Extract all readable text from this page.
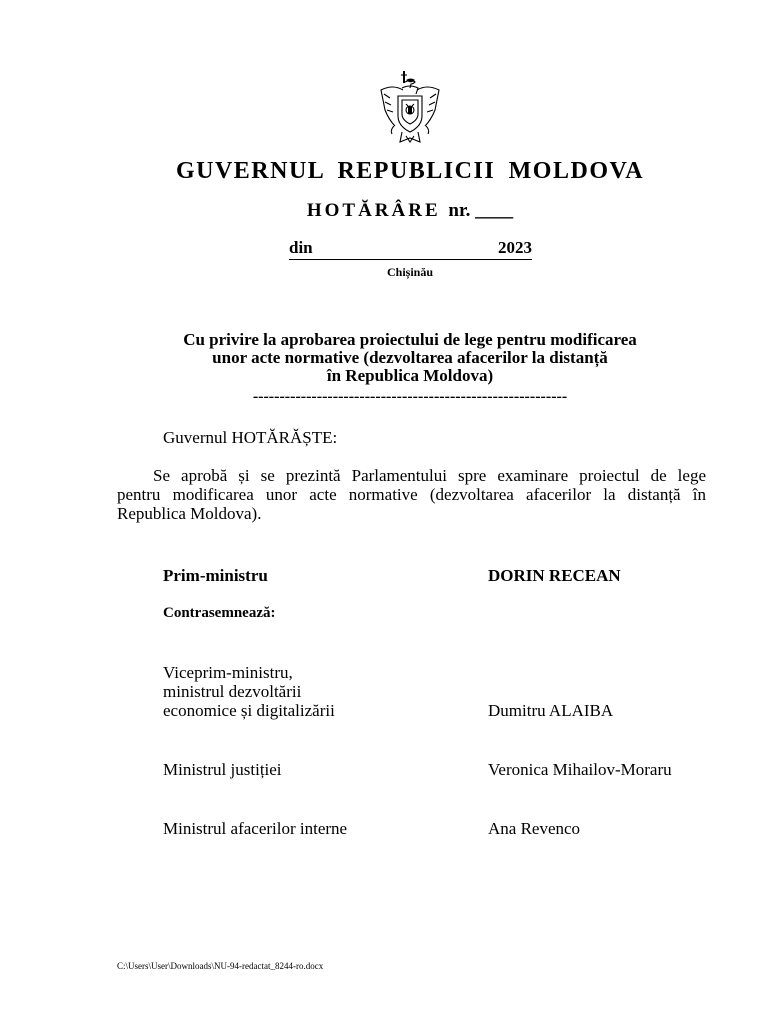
GUVERNUL REPUBLICII MOLDOVA
HOTĂRÂRE nr. ____
din	2023
Chișinău
Cu privire la aprobarea proiectului de lege pentru modificarea
unor acte normative (dezvoltarea afacerilor la distanță
în Republica Moldova)
-----------------------------------------------------------
Guvernul HOTĂRĂȘTE:
Se aprobă și se prezintă Parlamentului spre examinare proiectul de lege
pentru modificarea unor acte normative (dezvoltarea afacerilor la distanță în Republica Moldova).
Prim-ministru	DORIN RECEAN
Contrasemnează:
Viceprim-ministru,
ministrul dezvoltării
economice și digitalizării	Dumitru ALAIBA
Ministrul justiției	Veronica Mihailov-Moraru
Ministrul afacerilor interne	Ana Revenco
C:\Users\User\Downloads\NU-94-redactat_8244-ro.docx
